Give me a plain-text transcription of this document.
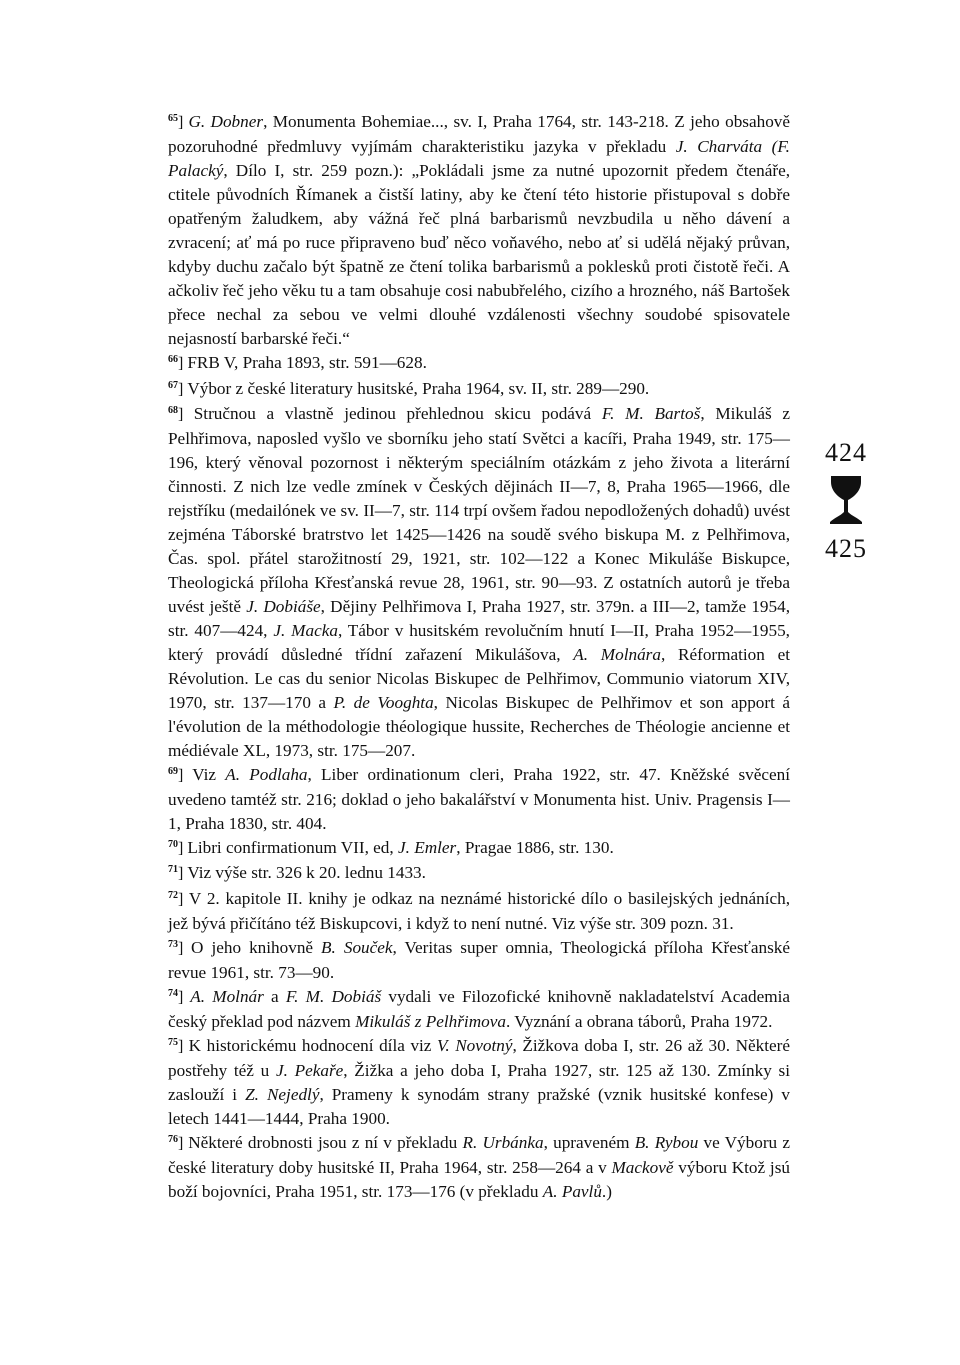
$^{65}$] G. Dobner, Monumenta Bohemiae..., sv. I, Praha 1764, str. 143-218. Z jeho obsahově pozoruhodné předmluvy vyjímám charakteristiku jazyka v překladu J. Charváta (F. Palacký, Dílo I, str. 259 pozn.): „Pokládali jsme za nutné upozornit předem čtenáře, ctitele původních Římanek a čistší latiny, aby ke čtení této historie přistupoval s dobře opatřeným žaludkem, aby vážná řeč plná barbarismů nevzbudila u něho dávení a zvracení; ať má po ruce připraveno buď něco voňavého, nebo ať si udělá nějaký průvan, kdyby duchu začalo být špatně ze čtení tolika barbarismů a poklesků proti čistotě řeči. A ačkoliv řeč jeho věku tu a tam obsahuje cosi nabubřelého, cizího a hrozného, náš Bartošek přece nechal za sebou ve velmi dlouhé vzdálenosti všechny soudobé spisovatele nejasností barbarské řeči.“

$^{66}$] FRB V, Praha 1893, str. 591—628.

$^{67}$] Výbor z české literatury husitské, Praha 1964, sv. II, str. 289—290.

$^{68}$] Stručnou a vlastně jedinou přehlednou skicu podává F. M. Bartoš, Mikuláš z Pelhřimova, naposled vyšlo ve sborníku jeho statí Světci a kacíři, Praha 1949, str. 175—196, který věnoval pozornost i některým speciálním otázkám z jeho života a literární činnosti. Z nich lze vedle zmínek v Českých dějinách II—7, 8, Praha 1965—1966, dle rejstříku (medailónek ve sv. II—7, str. 114 trpí ovšem řadou nepodložených dohadů) uvést zejména Táborské bratrstvo let 1425—1426 na soudě svého biskupa M. z Pelhřimova, Čas. spol. přátel starožitností 29, 1921, str. 102—122 a Konec Mikuláše Biskupce, Theologická příloha Křesťanská revue 28, 1961, str. 90—93. Z ostatních autorů je třeba uvést ještě J. Dobiáše, Dějiny Pelhřimova I, Praha 1927, str. 379n. a III—2, tamže 1954, str. 407—424, J. Macka, Tábor v husitském revolučním hnutí I—II, Praha 1952—1955, který provádí důsledné třídní zařazení Mikulášova, A. Molnára, Réformation et Révolution. Le cas du senior Nicolas Biskupec de Pelhřimov, Communio viatorum XIV, 1970, str. 137—170 a P. de Vooghta, Nicolas Biskupec de Pelhřimov et son apport á l'évolution de la méthodologie théologique hussite, Recherches de Théologie ancienne et médiévale XL, 1973, str. 175—207.

$^{69}$] Viz A. Podlaha, Liber ordinationum cleri, Praha 1922, str. 47. Kněžské svěcení uvedeno tamtéž str. 216; doklad o jeho bakalářství v Monumenta hist. Univ. Pragensis I—1, Praha 1830, str. 404.

$^{70}$] Libri confirmationum VII, ed, J. Emler, Pragae 1886, str. 130.

$^{71}$] Viz výše str. 326 k 20. lednu 1433.

$^{72}$] V 2. kapitole II. knihy je odkaz na neznámé historické dílo o basilejských jednáních, jež bývá přičítáno též Biskupcovi, i když to není nutné. Viz výše str. 309 pozn. 31.

$^{73}$] O jeho knihovně B. Souček, Veritas super omnia, Theologická příloha Křesťanské revue 1961, str. 73—90.

$^{74}$] A. Molnár a F. M. Dobiáš vydali ve Filozofické knihovně nakladatelství Academia český překlad pod názvem Mikuláš z Pelhřimova. Vyznání a obrana táborů, Praha 1972.

$^{75}$] K historickému hodnocení díla viz V. Novotný, Žižkova doba I, str. 26 až 30. Některé postřehy též u J. Pekaře, Žižka a jeho doba I, Praha 1927, str. 125 až 130. Zmínky si zaslouží i Z. Nejedlý, Prameny k synodám strany pražské (vznik husitské konfese) v letech 1441—1444, Praha 1900.

$^{76}$] Některé drobnosti jsou z ní v překladu R. Urbánka, upraveném B. Rybou ve Výboru z české literatury doby husitské II, Praha 1964, str. 258—264 a v Mackově výboru Ktož jsú boží bojovníci, Praha 1951, str. 173—176 (v překladu A. Pavlů.)

424
425
